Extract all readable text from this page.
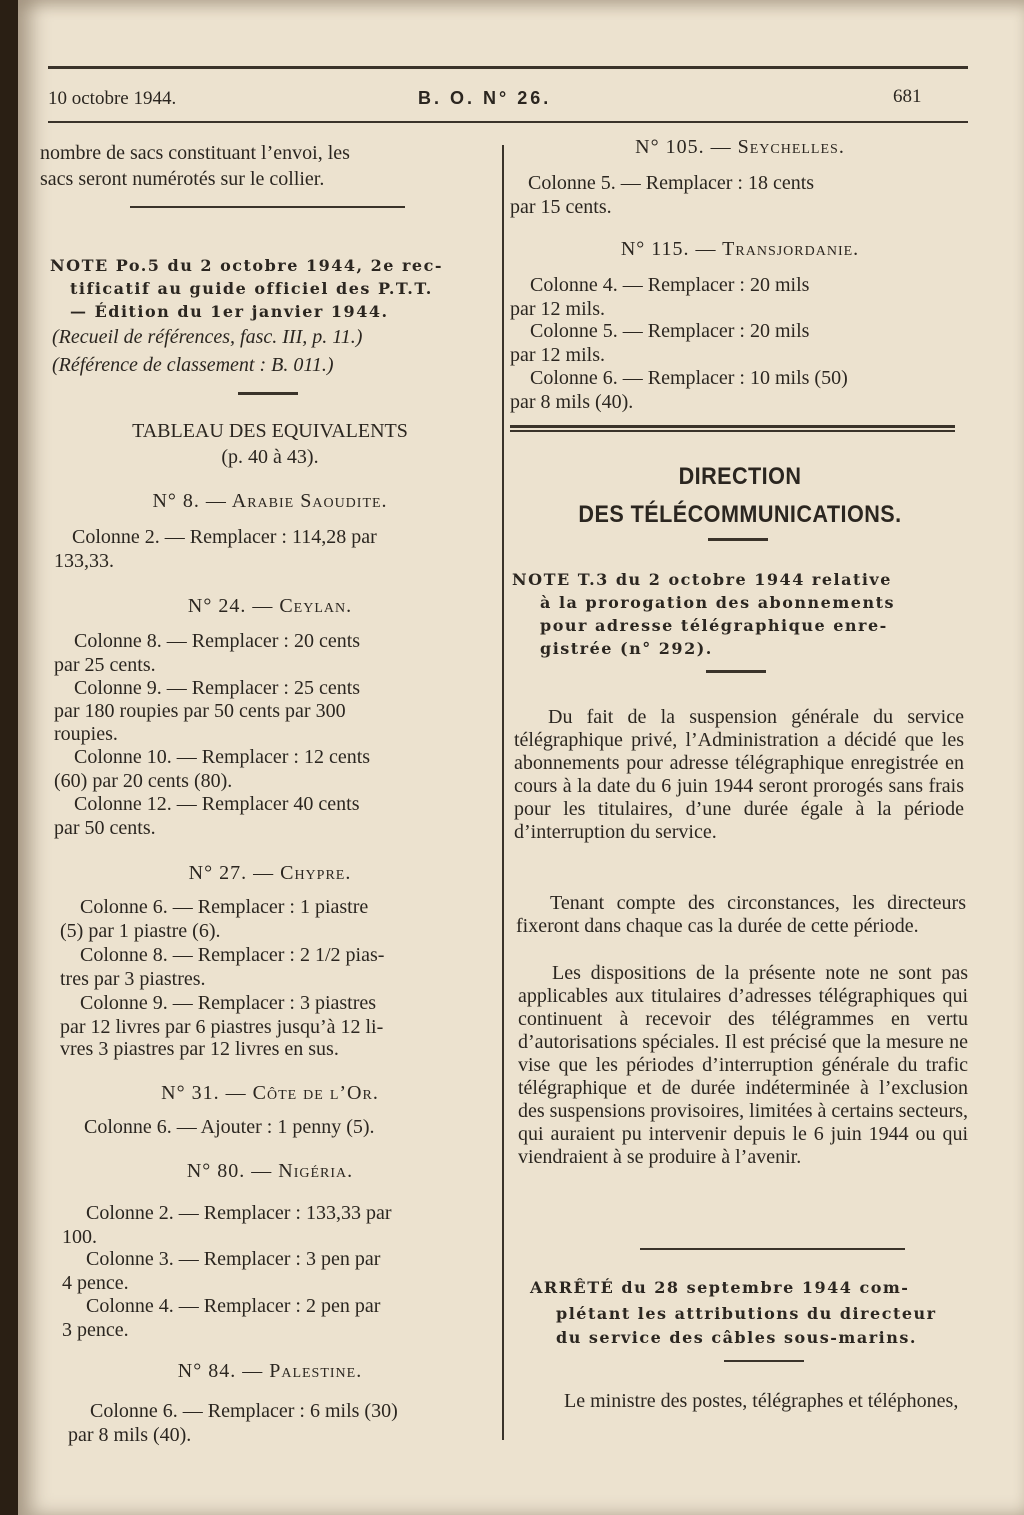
10 octobre 1944.	B. O. N° 26.	681

nombre de sacs constituant l’envoi, les

sacs seront numérotés sur le collier.

NOTE Po.5 du 2 octobre 1944, 2e rec-
tificatif au guide officiel des P.T.T.
— Édition du 1er janvier 1944.

(Recueil de références, fasc. III, p. 11.)

(Référence de classement : B. 011.)

TABLEAU DES EQUIVALENTS

(p. 40 à 43).

N° 8. — Arabie Saoudite.

Colonne 2. — Remplacer : 114,28 par

133,33.

N° 24. — Ceylan.

Colonne 8. — Remplacer : 20 cents

par 25 cents.

Colonne 9. — Remplacer : 25 cents

par 180 roupies par 50 cents par 300

roupies.

Colonne 10. — Remplacer : 12 cents

(60) par 20 cents (80).

Colonne 12. — Remplacer 40 cents

par 50 cents.

N° 27. — Chypre.

Colonne 6. — Remplacer : 1 piastre

(5) par 1 piastre (6).

Colonne 8. — Remplacer : 2 1/2 pias-

tres par 3 piastres.

Colonne 9. — Remplacer : 3 piastres

par 12 livres par 6 piastres jusqu’à 12 li-

vres 3 piastres par 12 livres en sus.

N° 31. — Côte de l’Or.

Colonne 6. — Ajouter : 1 penny (5).

N° 80. — Nigéria.

Colonne 2. — Remplacer : 133,33 par

100.

Colonne 3. — Remplacer : 3 pen par

4 pence.

Colonne 4. — Remplacer : 2 pen par

3 pence.

N° 84. — Palestine.

Colonne 6. — Remplacer : 6 mils (30)

par 8 mils (40).

N° 105. — Seychelles.

Colonne 5. — Remplacer : 18 cents

par 15 cents.

N° 115. — Transjordanie.

Colonne 4. — Remplacer : 20 mils

par 12 mils.

Colonne 5. — Remplacer : 20 mils

par 12 mils.

Colonne 6. — Remplacer : 10 mils (50)

par 8 mils (40).

DIRECTION
DES TÉLÉCOMMUNICATIONS.
NOTE T.3 du 2 octobre 1944 relative
à la prorogation des abonnements
pour adresse télégraphique enre-
gistrée (n° 292).

Du fait de la suspension générale du service télégraphique privé, l’Administration a décidé que les abonnements pour adresse télégraphique enregistrée en cours à la date du 6 juin 1944 seront prorogés sans frais pour les titulaires, d’une durée égale à la période d’interruption du service.

Tenant compte des circonstances, les directeurs fixeront dans chaque cas la durée de cette période.

Les dispositions de la présente note ne sont pas applicables aux titulaires d’adresses télégraphiques qui continuent à recevoir des télégrammes en vertu d’autorisations spéciales. Il est précisé que la mesure ne vise que les périodes d’interruption générale du trafic télégraphique et de durée indéterminée à l’exclusion des suspensions provisoires, limitées à certains secteurs, qui auraient pu intervenir depuis le 6 juin 1944 ou qui viendraient à se produire à l’avenir.

ARRÊTÉ du 28 septembre 1944 com-
plétant les attributions du directeur
du service des câbles sous-marins.

Le ministre des postes, télégraphes et téléphones,
